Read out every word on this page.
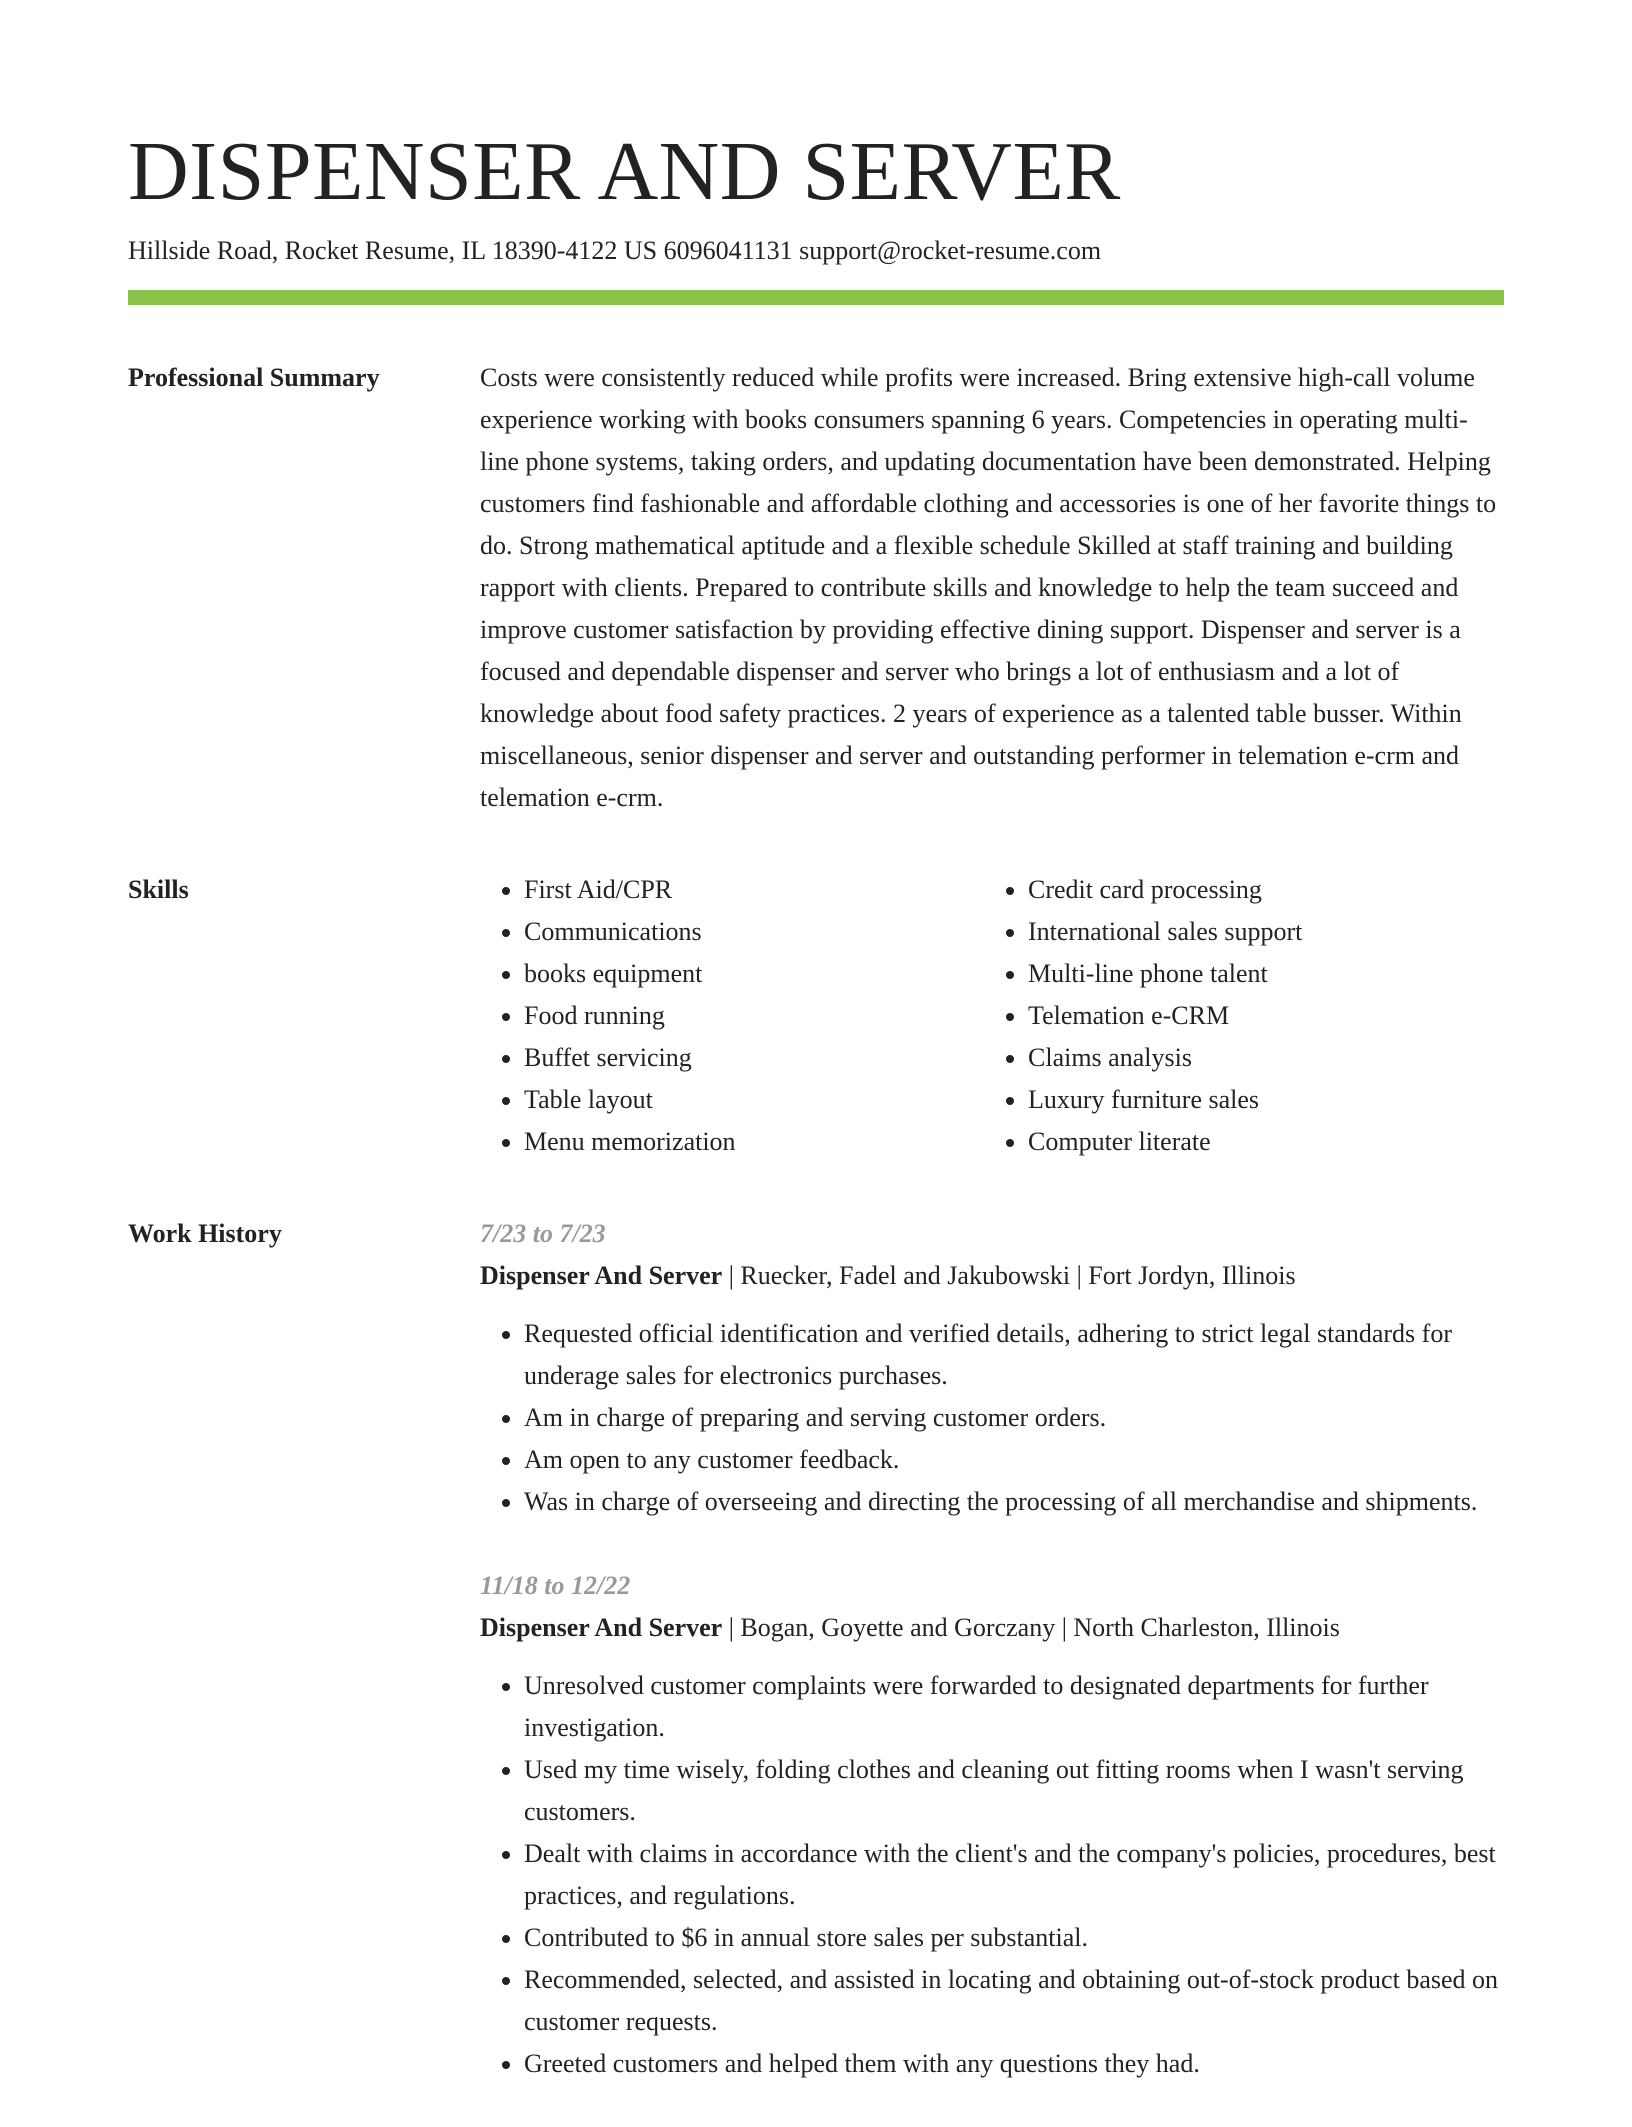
DISPENSER AND SERVER
Hillside Road, Rocket Resume, IL 18390-4122 US 6096041131 support@rocket-resume.com
Professional Summary	Costs were consistently reduced while profits were increased. Bring extensive high-call volume experience working with books consumers spanning 6 years. Competencies in operating multi-line phone systems, taking orders, and updating documentation have been demonstrated. Helping customers find fashionable and affordable clothing and accessories is one of her favorite things to do. Strong mathematical aptitude and a flexible schedule Skilled at staff training and building rapport with clients. Prepared to contribute skills and knowledge to help the team succeed and improve customer satisfaction by providing effective dining support. Dispenser and server is a focused and dependable dispenser and server who brings a lot of enthusiasm and a lot of knowledge about food safety practices. 2 years of experience as a talented table busser. Within miscellaneous, senior dispenser and server and outstanding performer in telemation e-crm and telemation e-crm.

Skills
•	First Aid/CPR
• Communications
• books equipment
• Food running
• Buffet servicing
• Table layout
• Menu memorization
• Credit card processing
• International sales support
• Multi-line phone talent
• Telemation e-CRM
• Claims analysis
• Luxury furniture sales
• Computer literate
Work History	7/23 to 7/23
Dispenser And Server | Ruecker, Fadel and Jakubowski | Fort Jordyn, Illinois
• Requested official identification and verified details, adhering to strict legal standards for underage sales for electronics purchases.
• Am in charge of preparing and serving customer orders.
• Am open to any customer feedback.
• Was in charge of overseeing and directing the processing of all merchandise and shipments.
11/18 to 12/22
Dispenser And Server | Bogan, Goyette and Gorczany | North Charleston, Illinois
• Unresolved customer complaints were forwarded to designated departments for further investigation.
• Used my time wisely, folding clothes and cleaning out fitting rooms when I wasn't serving customers.
• Dealt with claims in accordance with the client's and the company's policies, procedures, best practices, and regulations.
• Contributed to $6 in annual store sales per substantial.
• Recommended, selected, and assisted in locating and obtaining out-of-stock product based on customer requests.
• Greeted customers and helped them with any questions they had.
